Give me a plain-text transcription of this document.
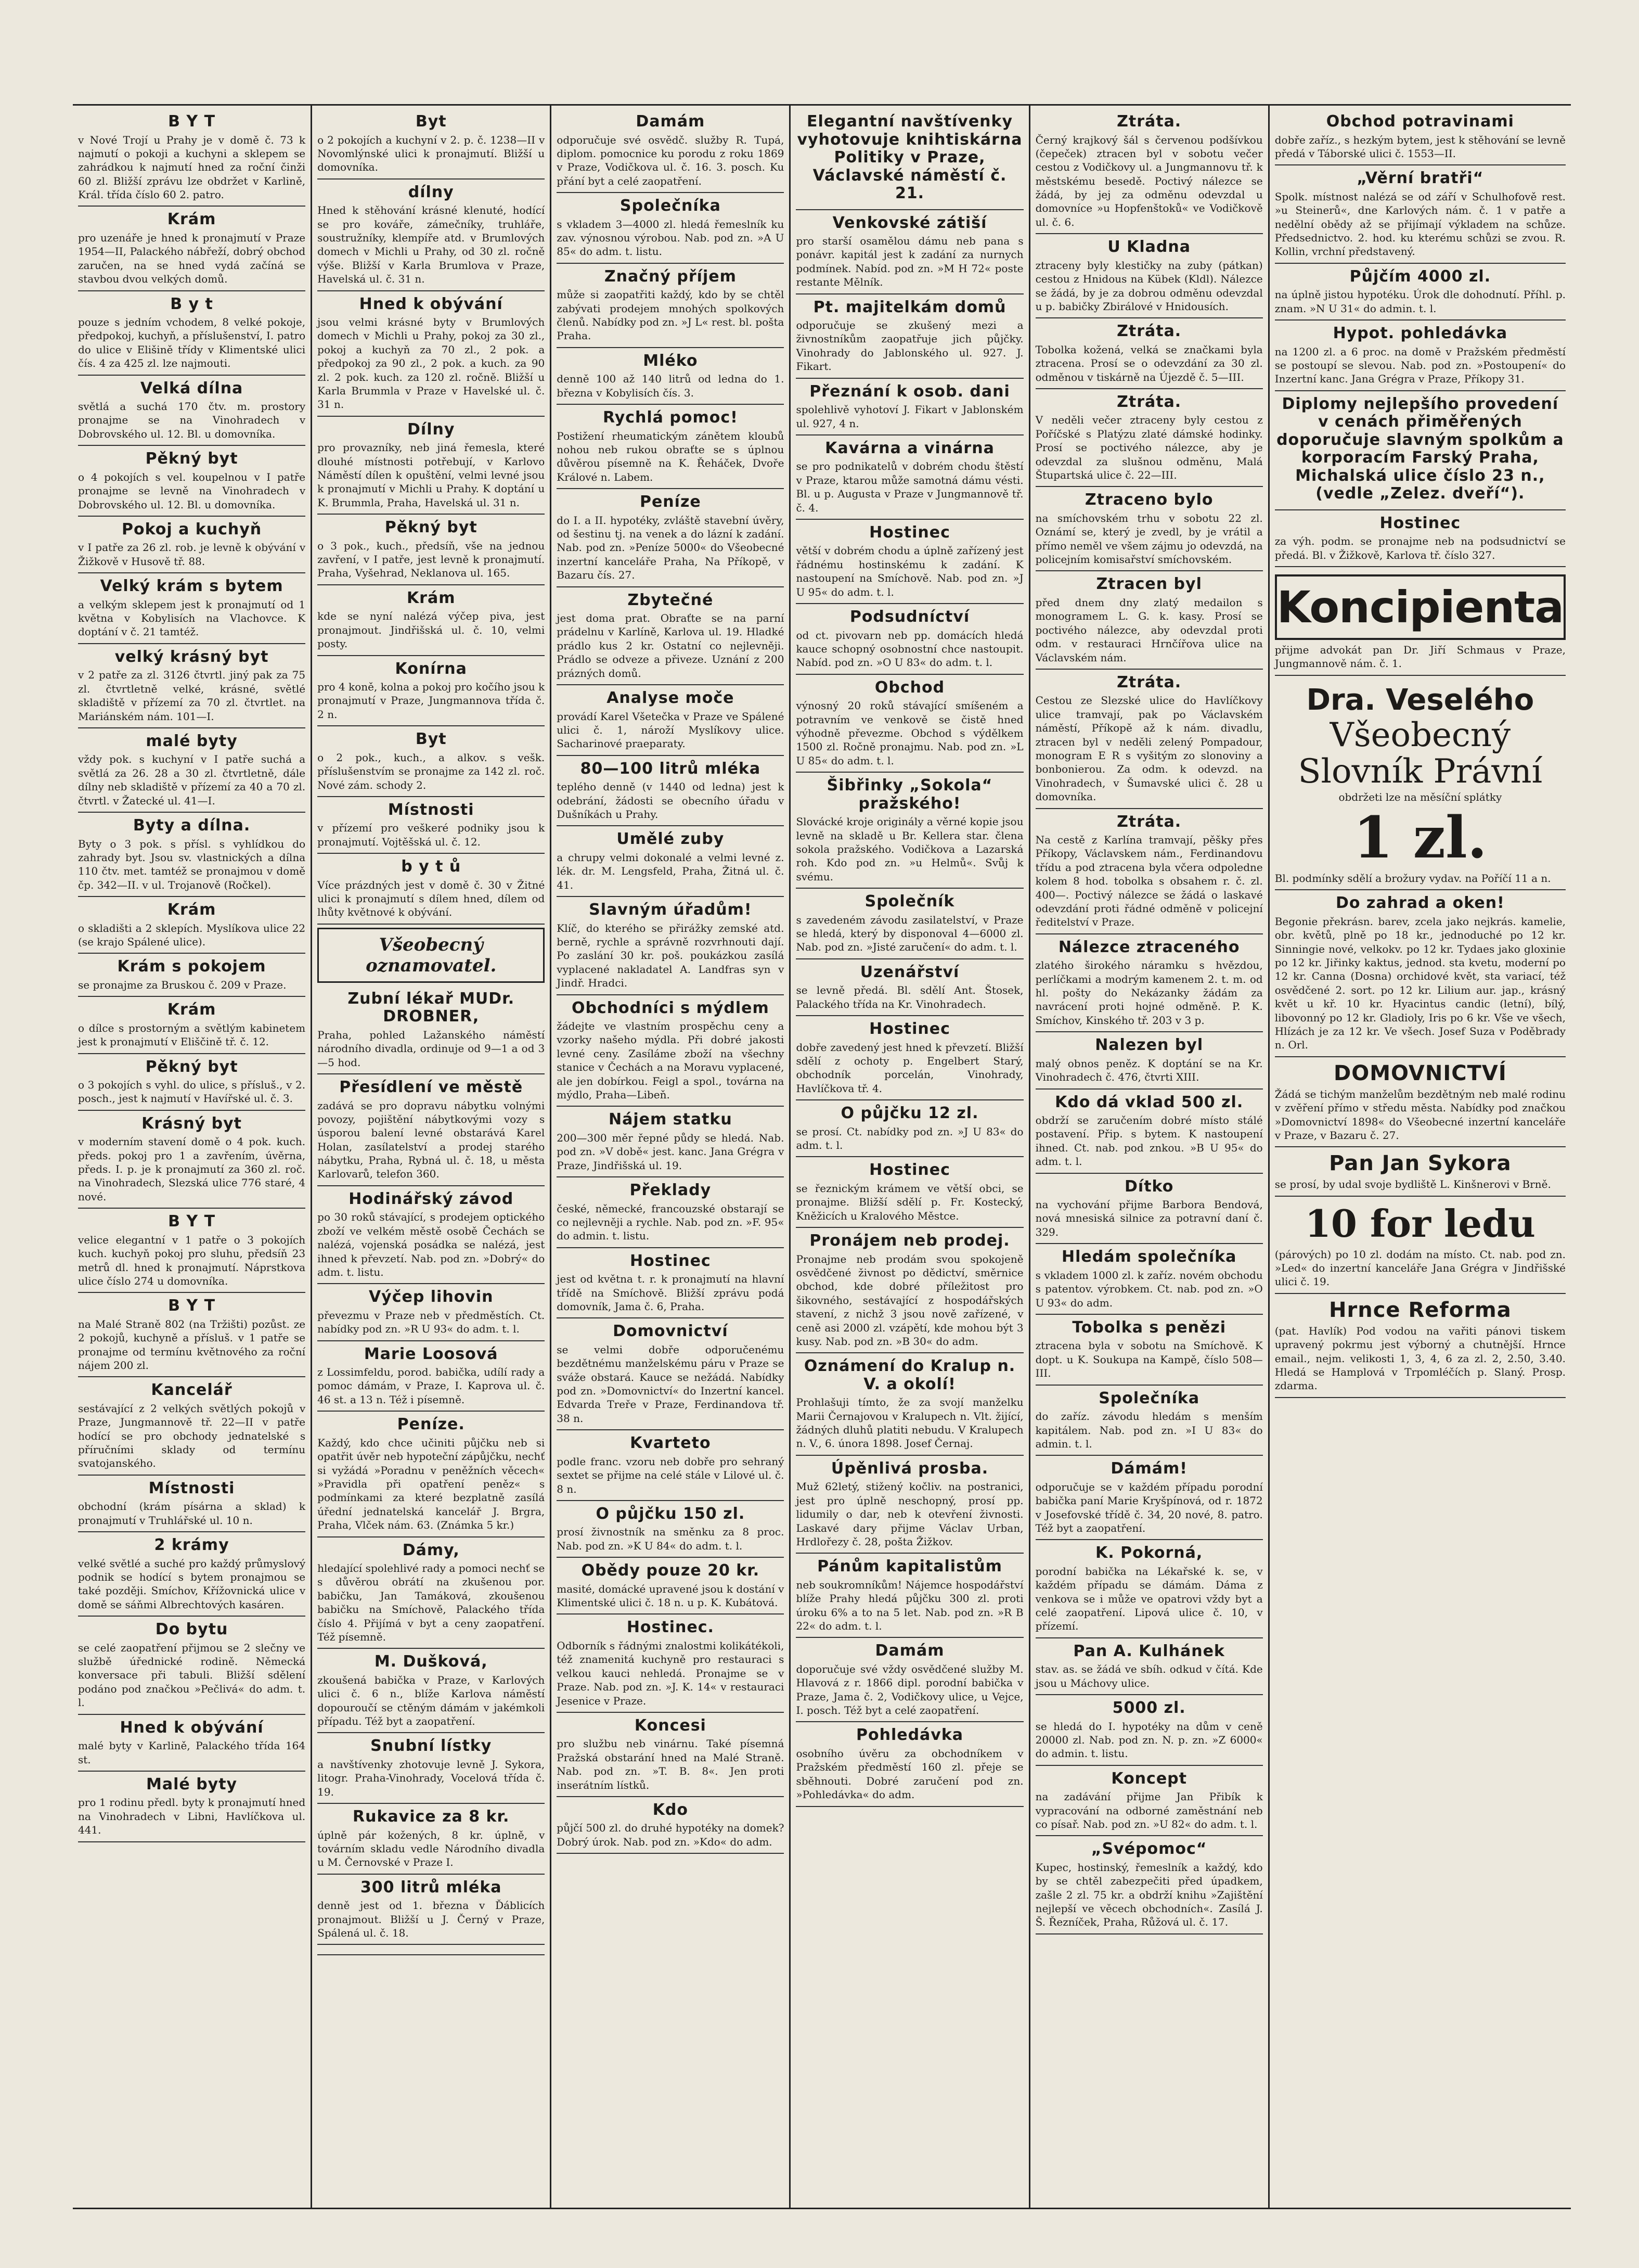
B Y T

v Nové Trojí u Prahy je v domě č. 73 k najmutí o pokoji a kuchyni a sklepem se zahrádkou k najmutí hned za roční činži 60 zl. Bližší zprávu lze obdržet v Karlině, Král. třída číslo 60 2. patro.

Krám

pro uzenáře je hned k pronajmutí v Praze 1954—II, Palackého nábřeží, dobrý obchod zaručen, na se hned vydá začíná se stavbou dvou velkých domů.

B y t

pouze s jedním vchodem, 8 velké pokoje, předpokoj, kuchyň, a příslušenství, I. patro do ulice v Elišině třídy v Klimentské ulici čís. 4 za 425 zl. lze najmouti.

Velká dílna

světlá a suchá 170 čtv. m. prostory pronajme se na Vinohradech v Dobrovského ul. 12. Bl. u domovníka.

Pěkný byt

o 4 pokojích s vel. koupelnou v I patře pronajme se levně na Vinohradech v Dobrovského ul. 12. Bl. u domovníka.

Pokoj a kuchyň

v I patře za 26 zl. rob. je levně k obývání v Žižkově v Husově tř. 88.

Velký krám s bytem

a velkým sklepem jest k pronajmutí od 1 května v Kobylisích na Vlachovce. K doptání v č. 21 tamtéž.

velký krásný byt

v 2 patře za zl. 3126 čtvrtl. jiný pak za 75 zl. čtvrtletně velké, krásné, světlé skladiště v přízemí za 70 zl. čtvrtlet. na Mariánském nám. 101—I.

malé byty

vždy pok. s kuchyní v I patře suchá a světlá za 26. 28 a 30 zl. čtvrtletně, dále dílny neb skladiště v přízemí za 40 a 70 zl. čtvrtl. v Žatecké ul. 41—I.

Byty a dílna.

Byty o 3 pok. s přísl. s vyhlídkou do zahrady byt. Jsou sv. vlastnických a dílna 110 čtv. met. tamtéž se pronajmou v domě čp. 342—II. v ul. Trojanově (Ročkel).

Krám

o skladišti a 2 sklepích. Myslíkova ulice 22 (se krajo Spálené ulice).

Krám s pokojem

se pronajme za Bruskou č. 209 v Praze.

Krám

o dílce s prostorným a světlým kabinetem jest k pronajmutí v Eliščině tř. č. 12.

Pěkný byt

o 3 pokojích s vyhl. do ulice, s přísluš., v 2. posch., jest k najmutí v Havířské ul. č. 3.

Krásný byt

v moderním stavení domě o 4 pok. kuch. předs. pokoj pro 1 a zavřením, úvěrna, předs. I. p. je k pronajmutí za 360 zl. roč. na Vinohradech, Slezská ulice 776 staré, 4 nové.

B Y T

velice elegantní v 1 patře o 3 pokojích kuch. kuchyň pokoj pro sluhu, předsíň 23 metrů dl. hned k pronajmutí. Náprstkova ulice číslo 274 u domovníka.

B Y T

na Malé Straně 802 (na Tržišti) pozůst. ze 2 pokojů, kuchyně a přísluš. v 1 patře se pronajme od termínu květnového za roční nájem 200 zl.

Kancelář

sestávající z 2 velkých světlých pokojů v Praze, Jungmannově tř. 22—II v patře hodící se pro obchody jednatelské s příručními sklady od termínu svatojanského.

Místnosti

obchodní (krám písárna a sklad) k pronajmutí v Truhlářské ul. 10 n.

2 krámy

velké světlé a suché pro každý průmyslový podnik se hodící s bytem pronajmou se také později. Smíchov, Křížovnická ulice v domě se sáňmi Albrechtových kasáren.

Do bytu

se celé zaopatření přijmou se 2 slečny ve službě úřednické rodině. Německá konversace při tabuli. Bližší sdělení podáno pod značkou »Pečlivá« do adm. t. l.

Hned k obývání

malé byty v Karlině, Palackého třída 164 st.

Malé byty

pro 1 rodinu předl. byty k pronajmutí hned na Vinohradech v Libni, Havlíčkova ul. 441.

Byt

o 2 pokojích a kuchyní v 2. p. č. 1238—II v Novomlýnské ulici k pronajmutí. Bližší u domovníka.

dílny

Hned k stěhování krásné klenuté, hodící se pro kováře, zámečníky, truhláře, soustružníky, klempíře atd. v Brumlových domech v Michli u Prahy, od 30 zl. ročně výše. Bližší v Karla Brumlova v Praze, Havelská ul. č. 31 n.

Hned k obývání

jsou velmi krásné byty v Brumlových domech v Michli u Prahy, pokoj za 30 zl., pokoj a kuchyň za 70 zl., 2 pok. a předpokoj za 90 zl., 2 pok. a kuch. za 90 zl. 2 pok. kuch. za 120 zl. ročně. Bližší u Karla Brummla v Praze v Havelské ul. č. 31 n.

Dílny

pro provazníky, neb jiná řemesla, které dlouhé místnosti potřebují, v Karlovo Náměstí dílen k opuštění, velmi levné jsou k pronajmutí v Michli u Prahy. K doptání u K. Brummla, Praha, Havelská ul. 31 n.

Pěkný byt

o 3 pok., kuch., předsíň, vše na jednou zavření, v I patře, jest levně k pronajmutí. Praha, Vyšehrad, Neklanova ul. 165.

Krám

kde se nyní nalézá výčep piva, jest pronajmout. Jindřišská ul. č. 10, velmi posty.

Konírna

pro 4 koně, kolna a pokoj pro kočího jsou k pronajmutí v Praze, Jungmannova třída č. 2 n.

Byt

o 2 pok., kuch., a alkov. s vešk. příslušenstvím se pronajme za 142 zl. roč. Nové zám. schody 2.

Místnosti

v přízemí pro veškeré podniky jsou k pronajmutí. Vojtěšská ul. č. 12.

b y t ů

Více prázdných jest v domě č. 30 v Žitné ulici k pronajmutí s dílem hned, dílem od lhůty květnové k obývání.

Všeobecný oznamovatel.
Zubní lékař MUDr. DROBNER,

Praha, pohled Lažanského náměstí národního divadla, ordinuje od 9—1 a od 3—5 hod.

Přesídlení ve městě

zadává se pro dopravu nábytku volnými povozy, pojištění nábytkovými vozy s úsporou balení levné obstarává Karel Holan, zasílatelství a prodej starého nábytku, Praha, Rybná ul. č. 18, u města Karlovarů, telefon 360.

Hodinářský závod

po 30 roků stávající, s prodejem optického zboží ve velkém městě osobě Čechách se nalézá, vojenská posádka se nalézá, jest ihned k převzetí. Nab. pod zn. »Dobrý« do adm. t. listu.

Výčep lihovin

převezmu v Praze neb v předměstích. Ct. nabídky pod zn. »R U 93« do adm. t. l.

Marie Loosová

z Lossimfeldu, porod. babička, udílí rady a pomoc dámám, v Praze, I. Kaprova ul. č. 46 st. a 13 n. Též i písemně.

Peníze.

Každý, kdo chce učiniti půjčku neb si opatřit úvěr neb hypoteční zápůjčku, nechť si vyžádá »Poradnu v peněžních věcech« »Pravidla při opatření peněz« s podmínkami za které bezplatně zasílá úřední jednatelská kancelář J. Brgra, Praha, Vlček nám. 63. (Známka 5 kr.)

Dámy,

hledající spolehlivé rady a pomoci nechť se s důvěrou obrátí na zkušenou por. babičku, Jan Tamáková, zkoušenou babičku na Smíchově, Palackého třída číslo 4. Přijímá v byt a ceny zaopatření. Též písemně.

M. Dušková,

zkoušená babička v Praze, v Karlových ulici č. 6 n., blíže Karlova náměstí dopouroučí se ctěným dámám v jakémkoli případu. Též byt a zaopatření.

Snubní lístky

a navštívenky zhotovuje levně J. Sykora, litogr. Praha-Vinohrady, Vocelová třída č. 19.

Rukavice za 8 kr.

úplně pár kožených, 8 kr. úplně, v továrním skladu vedle Národního divadla u M. Černovské v Praze I.

300 litrů mléka

denně jest od 1. března v Ďáblicích pronajmout. Bližší u J. Černý v Praze, Spálená ul. č. 18.

Damám

odporučuje své osvědč. služby R. Tupá, diplom. pomocnice ku porodu z roku 1869 v Praze, Vodičkova ul. č. 16. 3. posch. Ku přání byt a celé zaopatření.

Společníka

s vkladem 3—4000 zl. hledá řemeslník ku zav. výnosnou výrobou. Nab. pod zn. »A U 85« do adm. t. listu.

Značný příjem

může si zaopatřiti každý, kdo by se chtěl zabývati prodejem mnohých spolkových členů. Nabídky pod zn. »J L« rest. bl. pošta Praha.

Mléko

denně 100 až 140 litrů od ledna do 1. března v Kobylisích čís. 3.

Rychlá pomoc!

Postižení rheumatickým zánětem kloubů nohou neb rukou obraťte se s úplnou důvěrou písemně na K. Řeháček, Dvoře Králové n. Labem.

Peníze

do I. a II. hypotéky, zvláště stavební úvěry, od šestinu tj. na venek a do lázní k zadání. Nab. pod zn. »Peníze 5000« do Všeobecné inzertní kanceláře Praha, Na Příkopě, v Bazaru čís. 27.

Zbytečné

jest doma prat. Obraťte se na parní prádelnu v Karlíně, Karlova ul. 19. Hladké prádlo kus 2 kr. Ostatní co nejlevněji. Prádlo se odveze a přiveze. Uznání z 200 prázných domů.

Analyse moče

provádí Karel Všetečka v Praze ve Spálené ulici č. 1, nároží Myslíkovy ulice. Sacharinové praeparaty.

80—100 litrů mléka

teplého denně (v 1440 od ledna) jest k odebrání, žádosti se obecního úřadu v Dušníkách u Prahy.

Umělé zuby

a chrupy velmi dokonalé a velmi levné z. lék. dr. M. Lengsfeld, Praha, Žitná ul. č. 41.

Slavným úřadům!

Klíč, do kterého se přirážky zemské atd. berně, rychle a správně rozvrhnouti dají. Po zaslání 30 kr. poš. poukázkou zasílá vyplacené nakladatel A. Landfras syn v Jindř. Hradci.

Obchodníci s mýdlem

žádejte ve vlastním prospěchu ceny a vzorky našeho mýdla. Při dobré jakosti levné ceny. Zasíláme zboží na všechny stanice v Čechách a na Moravu vyplacené, ale jen dobírkou. Feigl a spol., továrna na mýdlo, Praha—Libeň.

Nájem statku

200—300 měr řepné půdy se hledá. Nab. pod zn. »V době« jest. kanc. Jana Grégra v Praze, Jindřišská ul. 19.

Překlady

české, německé, francouzské obstarají se co nejlevněji a rychle. Nab. pod zn. »F. 95« do admin. t. listu.

Hostinec

jest od května t. r. k pronajmutí na hlavní třídě na Smíchově. Bližší zprávu podá domovník, Jama č. 6, Praha.

Domovnictví

se velmi dobře odporučenému bezdětnému manželskému páru v Praze se sváže obstará. Kauce se nežádá. Nabídky pod zn. »Domovnictví« do Inzertní kancel. Edvarda Treře v Praze, Ferdinandova tř. 38 n.

Kvarteto

podle franc. vzoru neb dobře pro sehraný sextet se přijme na celé stále v Lilové ul. č. 8 n.

O půjčku 150 zl.

prosí živnostník na směnku za 8 proc. Nab. pod zn. »K U 84« do adm. t. l.

Obědy pouze 20 kr.

masité, domácké upravené jsou k dostání v Klimentské ulici č. 18 n. u p. K. Kubátová.

Hostinec.

Odborník s řádnými znalostmi kolikátékoli, též znamenitá kuchyně pro restauraci s velkou kauci nehledá. Pronajme se v Praze. Nab. pod zn. »J. K. 14« v restauraci Jesenice v Praze.

Koncesi

pro službu neb vinárnu. Také písemná Pražská obstarání hned na Malé Straně. Nab. pod zn. »T. B. 8«. Jen proti inserátním lístků.

Kdo

půjčí 500 zl. do druhé hypotéky na domek? Dobrý úrok. Nab. pod zn. »Kdo« do adm.

Elegantní navštívenky vyhotovuje knihtiskárna Politiky v Praze, Václavské náměstí č. 21.

Venkovské zátiší

pro starší osamělou dámu neb pana s ponávr. kapitál jest k zadání za nurnych podmínek. Nabíd. pod zn. »M H 72« poste restante Mělník.

Pt. majitelkám domů

odporučuje se zkušený mezi a živnostníkům zaopatřuje jich půjčky. Vinohrady do Jablonského ul. 927. J. Fikart.

Přeznání k osob. dani

spolehlivě vyhotoví J. Fikart v Jablonském ul. 927, 4 n.

Kavárna a vinárna

se pro podnikatelů v dobrém chodu štěstí v Praze, ktarou může samotná dámu vésti. Bl. u p. Augusta v Praze v Jungmannově tř. č. 4.

Hostinec

větší v dobrém chodu a úplně zařízený jest řádnému hostinskému k zadání. K nastoupení na Smíchově. Nab. pod zn. »J U 95« do adm. t. l.

Podsudníctví

od ct. pivovarn neb pp. domácích hledá kauce schopný osobnostní chce nastoupit. Nabíd. pod zn. »O U 83« do adm. t. l.

Obchod

výnosný 20 roků stávající smíšeném a potravním ve venkově se čistě hned výhodně převezme. Obchod s výdělkem 1500 zl. Ročně pronajmu. Nab. pod zn. »L U 85« do adm. t. l.

Šibřinky „Sokola“ pražského!

Slovácké kroje originály a věrné kopie jsou levně na skladě u Br. Kellera star. člena sokola pražského. Vodičkova a Lazarská roh. Kdo pod zn. »u Helmů«. Svůj k svému.

Společník

s zavedeném závodu zasilatelství, v Praze se hledá, který by disponoval 4—6000 zl. Nab. pod zn. »Jisté zaručení« do adm. t. l.

Uzenářství

se levně předá. Bl. sdělí Ant. Štosek, Palackého třída na Kr. Vinohradech.

Hostinec

dobře zavedený jest hned k převzetí. Bližší sdělí z ochoty p. Engelbert Starý, obchodník porcelán, Vinohrady, Havlíčkova tř. 4.

O půjčku 12 zl.

se prosí. Ct. nabídky pod zn. »J U 83« do adm. t. l.

Hostinec

se řeznickým krámem ve větší obci, se pronajme. Bližší sdělí p. Fr. Kostecký, Kněžicích u Kralového Městce.

Pronájem neb prodej.

Pronajme neb prodám svou spokojeně osvědčené živnost po dědictví, směrnice obchod, kde dobré příležitost pro šikovného, sestávající z hospodářských stavení, z nichž 3 jsou nově zařízené, v ceně asi 2000 zl. vzápětí, kde mohou být 3 kusy. Nab. pod zn. »B 30« do adm.

Oznámení do Kralup n. V. a okolí!

Prohlašuji tímto, že za svojí manželku Marii Černajovou v Kralupech n. Vlt. žijící, žádných dluhů platiti nebudu. V Kralupech n. V., 6. února 1898. Josef Černaj.

Úpěnlivá prosba.

Muž 62letý, stižený kočliv. na postranici, jest pro úplně neschopný, prosí pp. lidumily o dar, neb k otevření živnosti. Laskavé dary přijme Václav Urban, Hrdlořezy č. 28, pošta Žižkov.

Pánům kapitalistům

neb soukromníkům! Nájemce hospodářství blíže Prahy hledá půjčku 300 zl. proti úroku 6% a to na 5 let. Nab. pod zn. »R B 22« do adm. t. l.

Damám

doporučuje své vždy osvědčené služby M. Hlavová z r. 1866 dipl. porodní babička v Praze, Jama č. 2, Vodičkovy ulice, u Vejce, I. posch. Též byt a celé zaopatření.

Pohledávka

osobního úvěru za obchodníkem v Pražském předměstí 160 zl. přeje se sběhnouti. Dobré zaručení pod zn. »Pohledávka« do adm.

Ztráta.

Černý krajkový šál s červenou podšívkou (čepeček) ztracen byl v sobotu večer cestou z Vodičkovy ul. a Jungmannovu tř. k městskému besedě. Poctivý nálezce se žádá, by jej za odměnu odevzdal u domovníce »u Hopfenštoků« ve Vodičkově ul. č. 6.

U Kladna

ztraceny byly klestičky na zuby (pátkan) cestou z Hnidous na Kübek (Kldl). Nálezce se žádá, by je za dobrou odměnu odevzdal u p. babičky Zbirálové v Hnidousích.

Ztráta.

Tobolka kožená, velká se značkami byla ztracena. Prosí se o odevzdání za 30 zl. odměnou v tiskárně na Újezdě č. 5—III.

Ztráta.

V neděli večer ztraceny byly cestou z Poříčské s Platýzu zlaté dámské hodinky. Prosí se poctivého nálezce, aby je odevzdal za slušnou odměnu, Malá Štupartská ulice č. 22—III.

Ztraceno bylo

na smíchovském trhu v sobotu 22 zl. Oznámí se, který je zvedl, by je vrátil a přímo neměl ve všem zájmu jo odevzdá, na policejním komisařství smíchovském.

Ztracen byl

před dnem dny zlatý medailon s monogramem L. G. k. kasy. Prosí se poctivého nálezce, aby odevzdal proti odm. v restauraci Hrnčířova ulice na Václavském nám.

Ztráta.

Cestou ze Slezské ulice do Havlíčkovy ulice tramvají, pak po Václavském náměstí, Příkopě až k nám. divadlu, ztracen byl v neděli zelený Pompadour, monogram E R s vyšitým zo slonoviny a bonbonierou. Za odm. k odevzd. na Vinohradech, v Šumavské ulici č. 28 u domovníka.

Ztráta.

Na cestě z Karlína tramvají, pěšky přes Příkopy, Václavskem nám., Ferdinandovu třídu a pod ztracena byla včera odpoledne kolem 8 hod. tobolka s obsahem r. č. zl. 400—. Poctivý nálezce se žádá o laskavé odevzdání proti řádné odměně v policejní ředitelství v Praze.

Nálezce ztraceného

zlatého širokého náramku s hvězdou, perlíčkami a modrým kamenem 2. t. m. od hl. pošty do Nekázanky žádám za navrácení proti hojné odměně. P. K. Smíchov, Kinského tř. 203 v 3 p.

Nalezen byl

malý obnos peněz. K doptání se na Kr. Vinohradech č. 476, čtvrti XIII.

Kdo dá vklad 500 zl.

obdrží se zaručením dobré místo stálé postavení. Přip. s bytem. K nastoupení ihned. Ct. nab. pod znkou. »B U 95« do adm. t. l.

Dítko

na vychování přijme Barbora Bendová, nová mnesiská silnice za potravní daní č. 329.

Hledám společníka

s vkladem 1000 zl. k zaříz. novém obchodu s patentov. výrobkem. Ct. nab. pod zn. »O U 93« do adm.

Tobolka s penězi

ztracena byla v sobotu na Smíchově. K dopt. u K. Soukupa na Kampě, číslo 508—III.

Společníka

do zaříz. závodu hledám s menším kapitálem. Nab. pod zn. »I U 83« do admin. t. l.

Dámám!

odporučuje se v každém případu porodní babička paní Marie Kryšpínová, od r. 1872 v Josefovské třídě č. 34, 20 nové, 8. patro. Též byt a zaopatření.

K. Pokorná,

porodní babička na Lékařské k. se, v každém případu se dámám. Dáma z venkova se i může ve opatrovi vždy byt a celé zaopatření. Lipová ulice č. 10, v přízemí.

Pan A. Kulhánek

stav. as. se žádá ve sbíh. odkud v čítá. Kde jsou u Máchovy ulice.

5000 zl.

se hledá do I. hypotéky na dům v ceně 20000 zl. Nab. pod zn. N. p. zn. »Z 6000« do admin. t. listu.

Koncept

na zadávání přijme Jan Přibík k vypracování na odborné zaměstnání neb co písař. Nab. pod zn. »U 82« do adm. t. l.

„Svépomoc“

Kupec, hostinský, řemeslník a každý, kdo by se chtěl zabezpečiti před úpadkem, zašle 2 zl. 75 kr. a obdrží knihu »Zajištění nejlepší ve věcech obchodních«. Zasílá J. Š. Řezníček, Praha, Růžová ul. č. 17.

Obchod potravinami

dobře zaříz., s hezkým bytem, jest k stěhování se levně předá v Táborské ulici č. 1553—II.

„Věrní bratři“

Spolk. místnost nalézá se od září v Schulhofově rest. »u Steinerů«, dne Karlových nám. č. 1 v patře a nedělní obědy až se přijímají výkladem na schůze. Předsednictvo. 2. hod. ku kterému schůzi se zvou. R. Kollin, vrchní představený.

Půjčím 4000 zl.

na úplně jistou hypotéku. Úrok dle dohodnutí. Příhl. p. znam. »N U 31« do admin. t. l.

Hypot. pohledávka

na 1200 zl. a 6 proc. na domě v Pražském předměstí se postoupí se slevou. Nab. pod zn. »Postoupení« do Inzertní kanc. Jana Grégra v Praze, Příkopy 31.

Diplomy nejlepšího provedení v cenách přiměřených doporučuje slavným spolkům a korporacím Farský Praha, Michalská ulice číslo 23 n., (vedle „Zelez. dveří“).

Hostinec

za výh. podm. se pronajme neb na podsudnictví se předá. Bl. v Žižkově, Karlova tř. číslo 327.

Koncipienta

přijme advokát pan Dr. Jiří Schmaus v Praze, Jungmannově nám. č. 1.

Dra. Veselého
Všeobecný Slovník Právní

obdržeti lze na měsíční splátky

1 zl.

Bl. podmínky sdělí a brožury vydav. na Poříčí 11 a n.

Do zahrad a oken!

Begonie překrásn. barev, zcela jako nejkrás. kamelie, obr. květů, plně po 18 kr., jednoduché po 12 kr. Sinningie nové, velkokv. po 12 kr. Tydaes jako gloxinie po 12 kr. Jiřinky kaktus, jednod. sta kvetu, moderní po 12 kr. Canna (Dosna) orchidové květ, sta variací, též osvědčené 2. sort. po 12 kr. Lilium aur. jap., krásný květ u kř. 10 kr. Hyacintus candic (letní), bílý, libovonný po 12 kr. Gladioly, Iris po 6 kr. Vše ve všech, Hlízách je za 12 kr. Ve všech. Josef Suza v Poděbrady n. Orl.

DOMOVNICTVÍ

Žádá se tichým manželům bezdětným neb malé rodinu v zvěření přímo v středu města. Nabídky pod značkou »Domovnictví 1898« do Všeobecné inzertní kanceláře v Praze, v Bazaru č. 27.

Pan Jan Sykora

se prosí, by udal svoje bydliště L. Kinšnerovi v Brně.

10 for ledu

(párových) po 10 zl. dodám na místo. Ct. nab. pod zn. »Led« do inzertní kanceláře Jana Grégra v Jindřišské ulici č. 19.

Hrnce Reforma

(pat. Havlík) Pod vodou na vařiti pánovi tiskem upravený pokrmu jest výborný a chutnější. Hrnce email., nejm. velikosti 1, 3, 4, 6 za zl. 2, 2.50, 3.40. Hledá se Hamplová v Trpomléčích p. Slaný. Prosp. zdarma.
